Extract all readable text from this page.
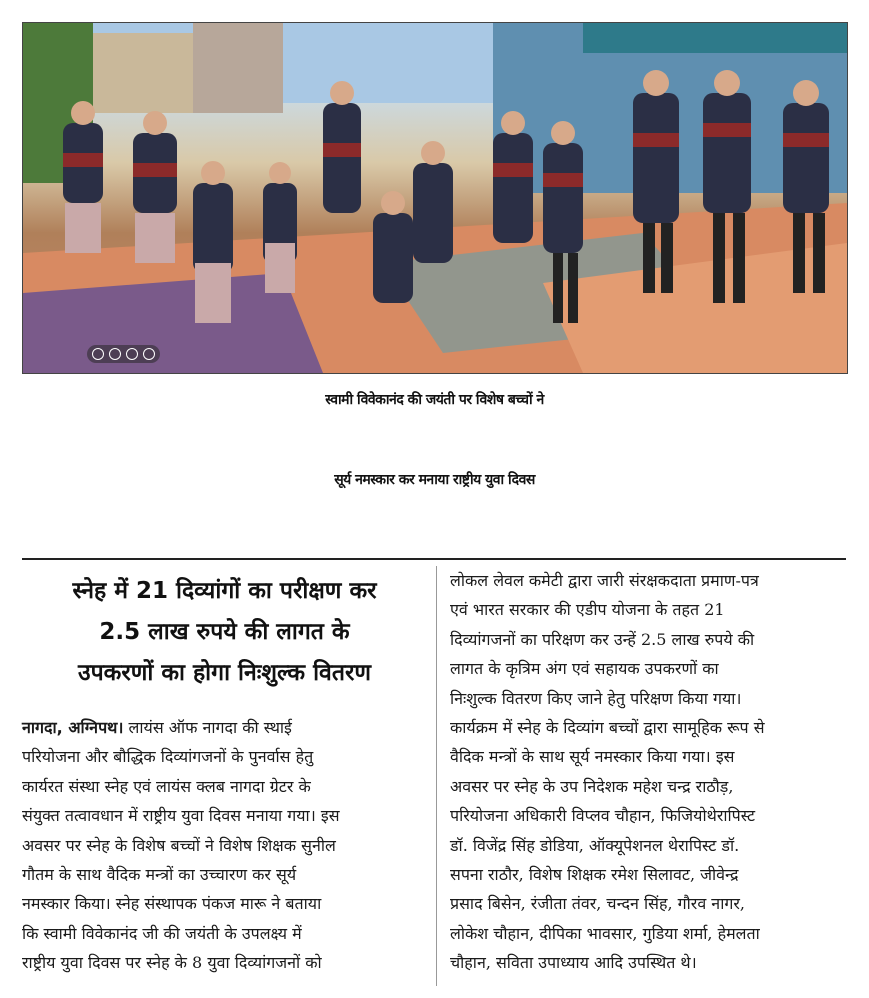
स्वामी विवेकानंद की जयंती पर विशेष बच्चों ने
सूर्य नमस्कार कर मनाया राष्ट्रीय युवा दिवस
स्नेह में 21 दिव्यांगों का परीक्षण कर
2.5 लाख रुपये की लागत के
उपकरणों का होगा निःशुल्क वितरण
नागदा, अग्निपथ। लायंस ऑफ नागदा की स्थाई
परियोजना और बौद्धिक दिव्यांगजनों के पुनर्वास हेतु
कार्यरत संस्था स्नेह एवं लायंस क्लब नागदा ग्रेटर के
संयुक्त तत्वावधान में राष्ट्रीय युवा दिवस मनाया गया। इस
अवसर पर स्नेह के विशेष बच्चों ने विशेष शिक्षक सुनील
गौतम के साथ वैदिक मन्त्रों का उच्चारण कर सूर्य
नमस्कार किया। स्नेह संस्थापक पंकज मारू ने बताया
कि स्वामी विवेकानंद जी की जयंती के उपलक्ष्य में
राष्ट्रीय युवा दिवस पर स्नेह के 8 युवा दिव्यांगजनों को
लोकल लेवल कमेटी द्वारा जारी संरक्षकदाता प्रमाण-पत्र
एवं भारत सरकार की एडीप योजना के तहत 21
दिव्यांगजनों का परिक्षण कर उन्हें 2.5 लाख रुपये की
लागत के कृत्रिम अंग एवं सहायक उपकरणों का
निःशुल्क वितरण किए जाने हेतु परिक्षण किया गया।
कार्यक्रम में स्नेह के दिव्यांग बच्चों द्वारा सामूहिक रूप से
वैदिक मन्त्रों के साथ सूर्य नमस्कार किया गया। इस
अवसर पर स्नेह के उप निदेशक महेश चन्द्र राठौड़,
परियोजना अधिकारी विप्लव चौहान, फिजियोथेरापिस्ट
डॉ. विजेंद्र सिंह डोडिया, ऑक्यूपेशनल थेरापिस्ट डॉ.
सपना राठौर, विशेष शिक्षक रमेश सिलावट, जीवेन्द्र
प्रसाद बिसेन, रंजीता तंवर, चन्दन सिंह, गौरव नागर,
लोकेश चौहान, दीपिका भावसार, गुडिया शर्मा, हेमलता
चौहान, सविता उपाध्याय आदि उपस्थित थे।
